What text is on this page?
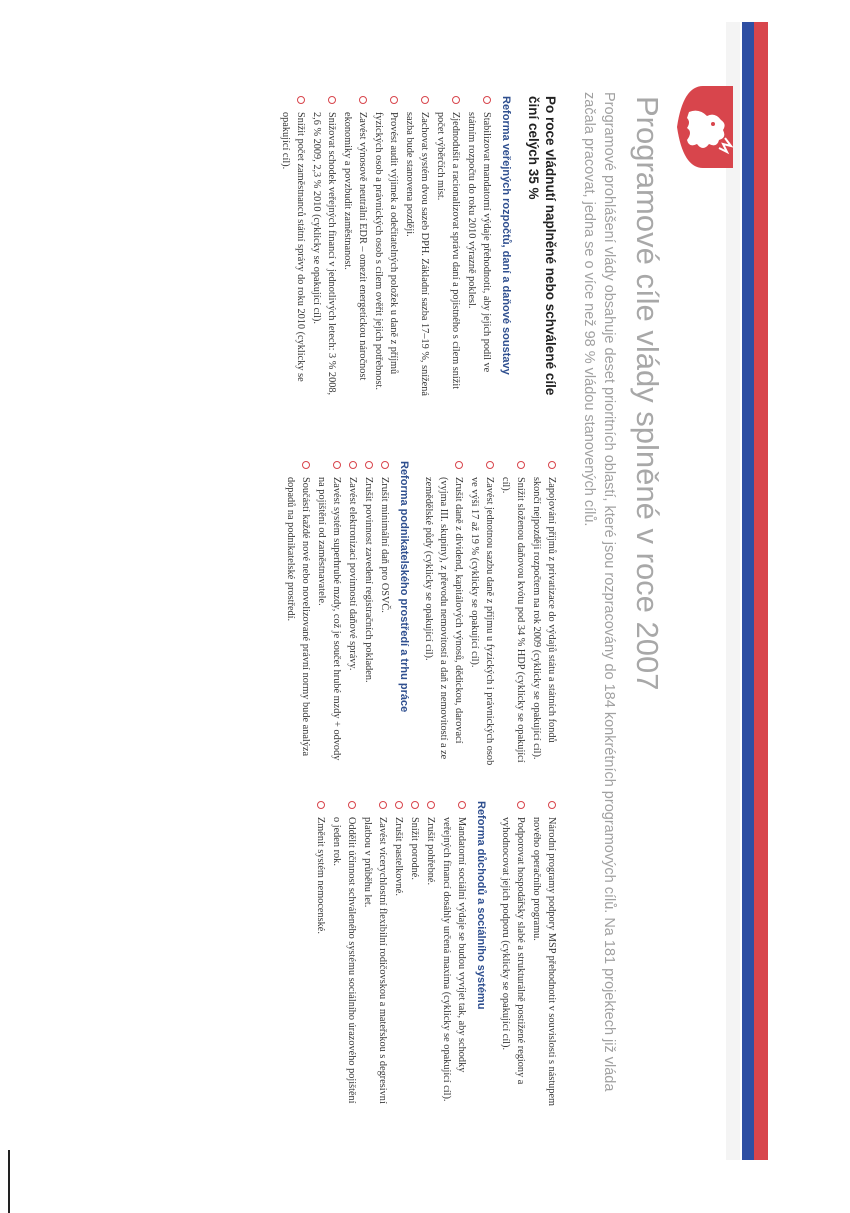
Programové cíle vlády splněné v roce 2007

Programové prohlášení vlády obsahuje deset prioritních oblastí, které jsou rozpracovány do 184 konkrétních programových cílů. Na 181 projektech již vláda začala pracovat, jedna se o více než 98 % vládou stanovených cílů.

Po roce vládnutí naplněné nebo schválené cíle činí celých 35 %

Reforma veřejných rozpočtů, daní a daňové soustavy
Stabilizovat mandatorní výdaje přehodnotit, aby jejich podíl ve státním rozpočtu do roku 2010 výrazně poklesl.
Zjednodušit a racionalizovat správu daní a pojistného s cílem snížit počet výběrčích míst.
Zachovat systém dvou sazeb DPH. Základní sazba 17–19 %, snížená sazba bude stanovena později.
Provést audit výjimek a odečitatelných položek u daně z příjmů fyzických osob a právnických osob s cílem ověřit jejich potřebnost.
Zavést výnosově neutrální EDR – omezit energetickou náročnost ekonomiky a povzbudit zaměstnanost.
Snižovat schodek veřejných financí v jednotlivých letech: 3 % 2008, 2,6 % 2009, 2,3 % 2010 (cyklicky se opakující cíl).
Snížit počet zaměstnanců státní správy do roku 2010 (cyklicky se opakující cíl).
Zapojování příjmů z privatizace do výdajů státu a státních fondů skončí nejpozději rozpočtem na rok 2009 (cyklicky se opakující cíl).
Snížit složenou daňovou kvótu pod 34 % HDP (cyklicky se opakující cíl).
Zavést jednotnou sazbu daně z příjmu u fyzických i právnických osob ve výši 17 až 19 % (cyklicky se opakující cíl).
Zrušit daně z dividend, kapitálových výnosů, dědickou, darovací (vyjma III. skupiny), z převodu nemovitostí a daň z nemovitostí a ze zemědělské půdy (cyklicky se opakující cíl).
Reforma podnikatelského prostředí a trhu práce
Zrušit minimální daň pro OSVČ.
Zrušit povinnost zavedení registračních pokladen.
Zavést elektronizaci povinností daňové správy.
Zavést systém superhrubé mzdy, což je součet hrubé mzdy + odvody na pojištění od zaměstnavatele.
Součástí každé nové nebo novelizované právní normy bude analýza dopadů na podnikatelské prostředí.
Národní programy podpory MSP přehodnotit v souvislosti s nástupem nového operačního programu.
Podporovat hospodářsky slabé a strukturálně postižené regiony a vyhodnocovat jejich podporu (cyklicky se opakující cíl).
Reforma důchodů a sociálního systému
Mandatorní sociální výdaje se budou vyvíjet tak, aby schodky veřejných financí dosáhly určená maxima (cyklicky se opakující cíl).
Zrušit pohřebné.
Snížit porodné.
Zrušit pastelkovné.
Zavést vícerychlostní flexibilní rodičovskou a mateřskou s degresivní platbou v průběhu let.
Oddělit účinnost schváleného systému sociálního úrazového pojištění o jeden rok.
Změnit systém nemocenské.
